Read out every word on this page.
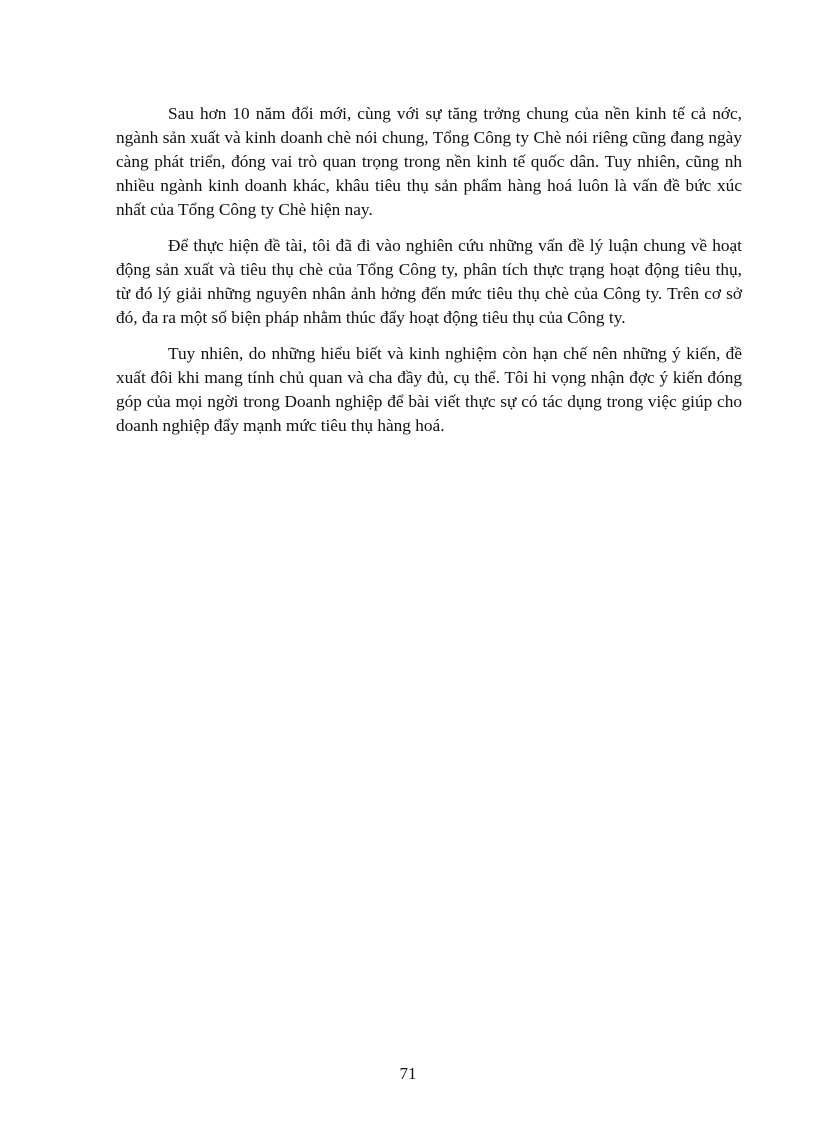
Sau hơn 10 năm đổi mới, cùng với sự tăng trởng chung của nền kinh tế cả nớc, ngành sản xuất và kinh doanh chè nói chung, Tổng Công ty Chè nói riêng cũng đang ngày càng phát triển, đóng vai trò quan trọng trong nền kinh tế quốc dân. Tuy nhiên, cũng nh nhiều ngành kinh doanh khác, khâu tiêu thụ sản phẩm hàng hoá luôn là vấn đề bức xúc nhất của Tổng Công ty Chè hiện nay.

Để thực hiện đề tài, tôi đã đi vào nghiên cứu những vấn đề lý luận chung về hoạt động sản xuất và tiêu thụ chè của Tổng Công ty, phân tích thực trạng hoạt động tiêu thụ, từ đó lý giải những nguyên nhân ảnh hởng đến mức tiêu thụ chè của Công ty. Trên cơ sở đó, đa ra một số biện pháp nhằm thúc đẩy hoạt động tiêu thụ của Công ty.

Tuy nhiên, do những hiểu biết và kinh nghiệm còn hạn chế nên những ý kiến, đề xuất đôi khi mang tính chủ quan và cha đầy đủ, cụ thể. Tôi hi vọng nhận đợc ý kiến đóng góp của mọi ngời trong Doanh nghiệp để bài viết thực sự có tác dụng trong việc giúp cho doanh nghiệp đẩy mạnh mức tiêu thụ hàng hoá.

71
